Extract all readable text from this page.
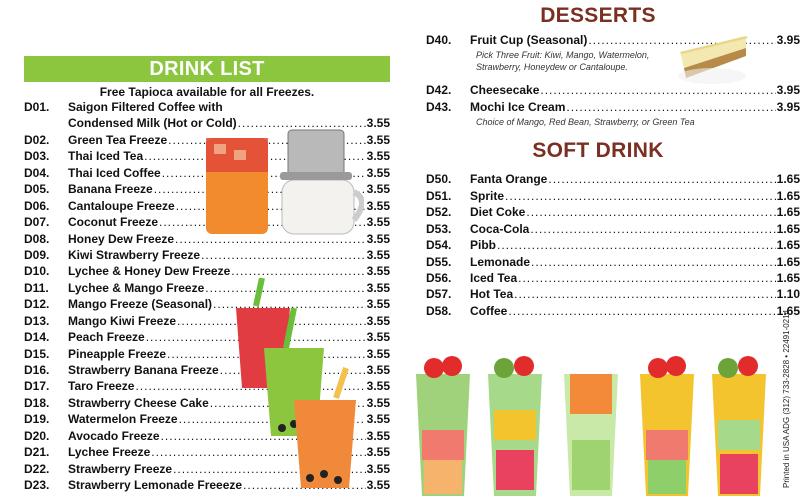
DRINK LIST
Free Tapioca available for all Freezes.
D01.	Saigon Filtered Coffee with
Condensed Milk (Hot or Cold) .....	3.55
D02.	Green Tea Freeze .....	3.55
D03.	Thai Iced Tea .....	3.55
D04.	Thai Iced Coffee .....	3.55
D05.	Banana Freeze .....	3.55
D06.	Cantaloupe Freeze .....	3.55
D07.	Coconut Freeze .....	3.55
D08.	Honey Dew Freeze .....	3.55
D09.	Kiwi Strawberry Freeze .....	3.55
D10.	Lychee & Honey Dew Freeze .....	3.55
D11.	Lychee & Mango Freeze .....	3.55
D12.	Mango Freeze (Seasonal) .....	3.55
D13.	Mango Kiwi Freeze .....	3.55
D14.	Peach Freeze .....	3.55
D15.	Pineapple Freeze .....	3.55
D16.	Strawberry Banana Freeze .....	3.55
D17.	Taro Freeze .....	3.55
D18.	Strawberry Cheese Cake .....	3.55
D19.	Watermelon Freeze .....	3.55
D20.	Avocado Freeze .....	3.55
D21.	Lychee Freeze .....	3.55
D22.	Strawberry Freeze .....	3.55
D23.	Strawberry Lemonade Freeeze .....	3.55
DESSERTS
D40.	Fruit Cup (Seasonal) .....	3.95
Pick Three Fruit: Kiwi, Mango, Watermelon, Strawberry, Honeydew or Cantaloupe.
D42.	Cheesecake .....	3.95
D43.	Mochi Ice Cream .....	3.95
Choice of Mango, Red Bean, Strawberry, or Green Tea
SOFT DRINK
D50.	Fanta Orange .....	1.65
D51.	Sprite .....	1.65
D52.	Diet Coke .....	1.65
D53.	Coca-Cola .....	1.65
D54.	Pibb .....	1.65
D55.	Lemonade .....	1.65
D56.	Iced Tea .....	1.65
D57.	Hot Tea .....	1.10
D58.	Coffee .....	1.65
Printed in USA ADG (312) 733-2828 • 22491-0214
